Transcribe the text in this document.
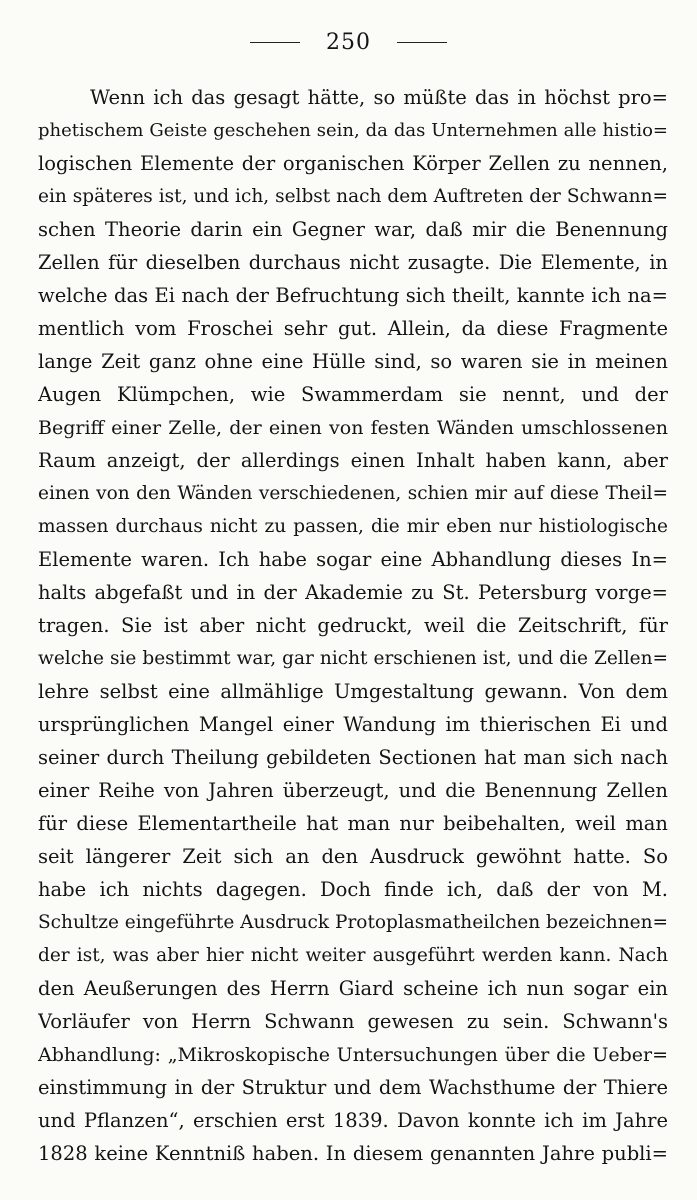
250
Wenn ich das gesagt hätte, so müßte das in höchst pro=
phetischem Geiste geschehen sein, da das Unternehmen alle histio=
logischen Elemente der organischen Körper Zellen zu nennen,
ein späteres ist, und ich, selbst nach dem Auftreten der Schwann=
schen Theorie darin ein Gegner war, daß mir die Benennung
Zellen für dieselben durchaus nicht zusagte. Die Elemente, in
welche das Ei nach der Befruchtung sich theilt, kannte ich na=
mentlich vom Froschei sehr gut. Allein, da diese Fragmente
lange Zeit ganz ohne eine Hülle sind, so waren sie in meinen
Augen Klümpchen, wie Swammerdam sie nennt, und der
Begriff einer Zelle, der einen von festen Wänden umschlossenen
Raum anzeigt, der allerdings einen Inhalt haben kann, aber
einen von den Wänden verschiedenen, schien mir auf diese Theil=
massen durchaus nicht zu passen, die mir eben nur histiologische
Elemente waren. Ich habe sogar eine Abhandlung dieses In=
halts abgefaßt und in der Akademie zu St. Petersburg vorge=
tragen. Sie ist aber nicht gedruckt, weil die Zeitschrift, für
welche sie bestimmt war, gar nicht erschienen ist, und die Zellen=
lehre selbst eine allmählige Umgestaltung gewann. Von dem
ursprünglichen Mangel einer Wandung im thierischen Ei und
seiner durch Theilung gebildeten Sectionen hat man sich nach
einer Reihe von Jahren überzeugt, und die Benennung Zellen
für diese Elementartheile hat man nur beibehalten, weil man
seit längerer Zeit sich an den Ausdruck gewöhnt hatte. So
habe ich nichts dagegen. Doch finde ich, daß der von M.
Schultze eingeführte Ausdruck Protoplasmatheilchen bezeichnen=
der ist, was aber hier nicht weiter ausgeführt werden kann. Nach
den Aeußerungen des Herrn Giard scheine ich nun sogar ein
Vorläufer von Herrn Schwann gewesen zu sein. Schwann's
Abhandlung: „Mikroskopische Untersuchungen über die Ueber=
einstimmung in der Struktur und dem Wachsthume der Thiere
und Pflanzen“, erschien erst 1839. Davon konnte ich im Jahre
1828 keine Kenntniß haben. In diesem genannten Jahre publi=
